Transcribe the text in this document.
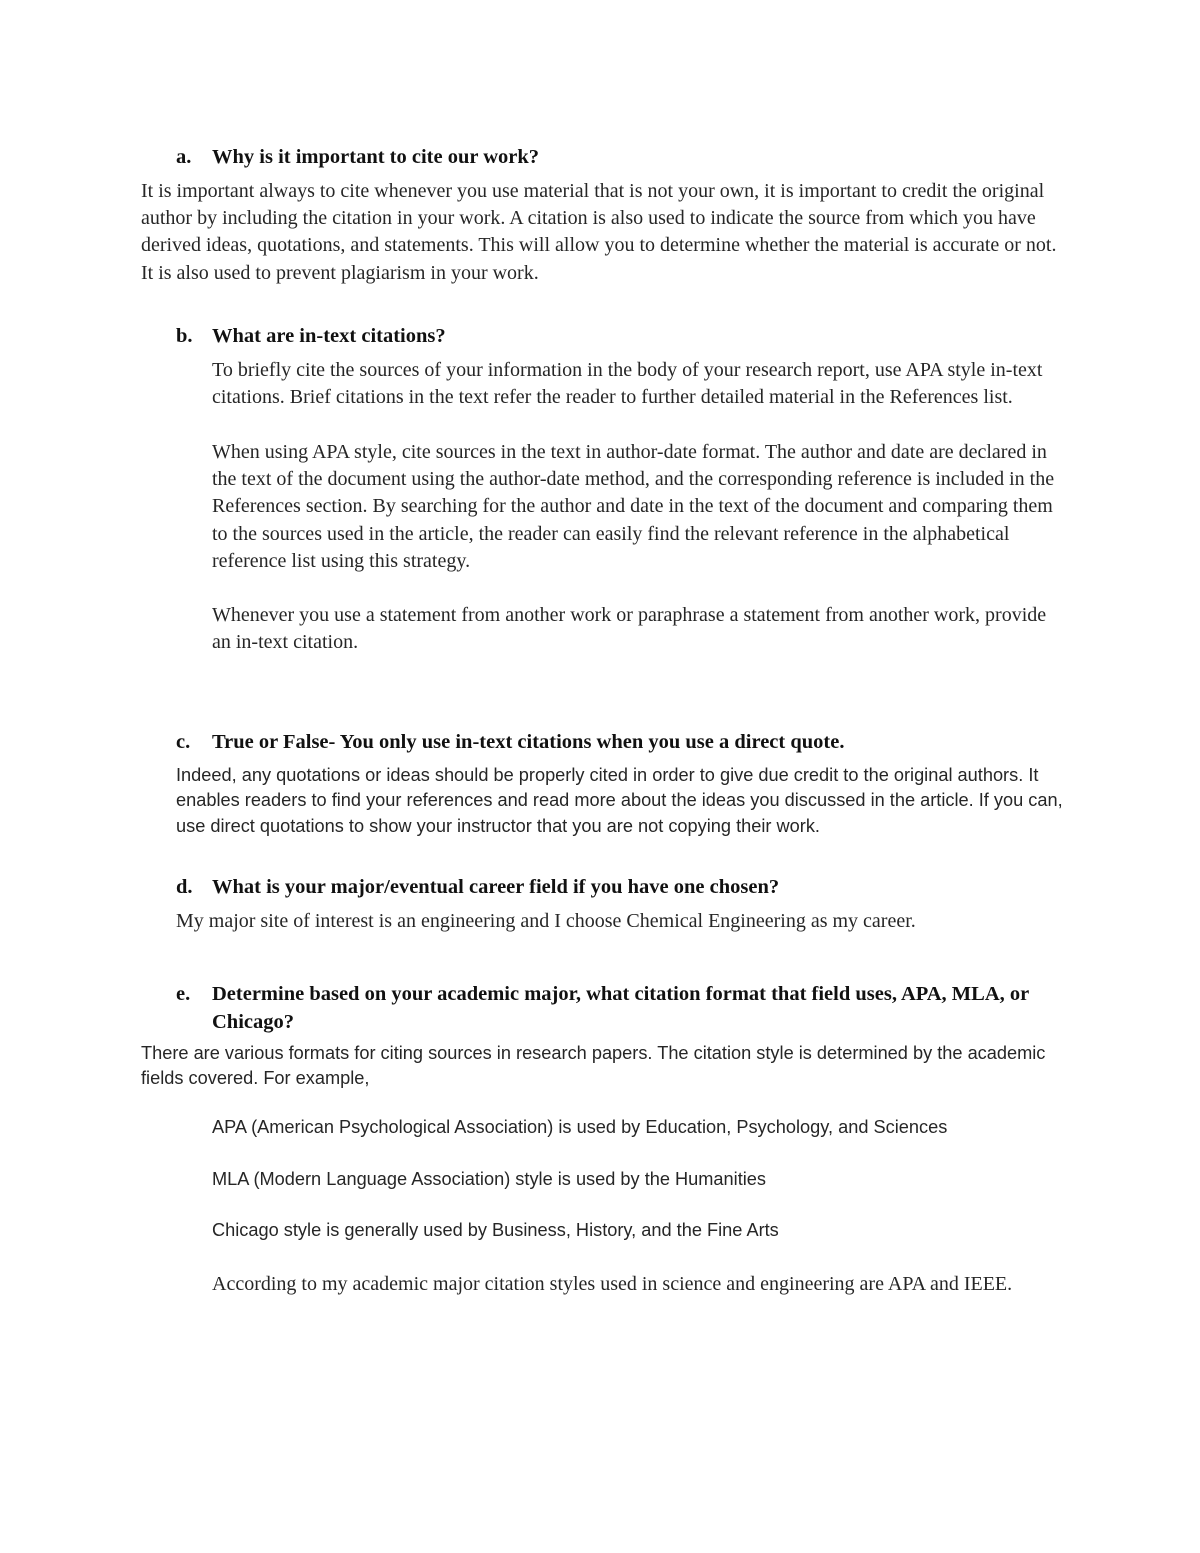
a.	Why is it important to cite our work?

It is important always to cite whenever you use material that is not your own, it is important to credit the original author by including the citation in your work. A citation is also used to indicate the source from which you have derived ideas, quotations, and statements. This will allow you to determine whether the material is accurate or not. It is also used to prevent plagiarism in your work.

b. What are in-text citations?

To briefly cite the sources of your information in the body of your research report, use APA style in-text citations. Brief citations in the text refer the reader to further detailed material in the References list.

When using APA style, cite sources in the text in author-date format. The author and date are declared in the text of the document using the author-date method, and the corresponding reference is included in the References section. By searching for the author and date in the text of the document and comparing them to the sources used in the article, the reader can easily find the relevant reference in the alphabetical reference list using this strategy.

Whenever you use a statement from another work or paraphrase a statement from another work, provide an in-text citation.

c.	True or False- You only use in-text citations when you use a direct quote.

Indeed, any quotations or ideas should be properly cited in order to give due credit to the original authors. It enables readers to find your references and read more about the ideas you discussed in the article. If you can, use direct quotations to show your instructor that you are not copying their work.

d. What is your major/eventual career field if you have one chosen?

My major site of interest is an engineering and I choose Chemical Engineering as my career.

e.	Determine based on your academic major, what citation format that field uses, APA, MLA, or Chicago?

There are various formats for citing sources in research papers. The citation style is determined by the academic fields covered. For example,

APA (American Psychological Association) is used by Education, Psychology, and Sciences

MLA (Modern Language Association) style is used by the Humanities

Chicago style is generally used by Business, History, and the Fine Arts

According to my academic major citation styles used in science and engineering are APA and IEEE.
